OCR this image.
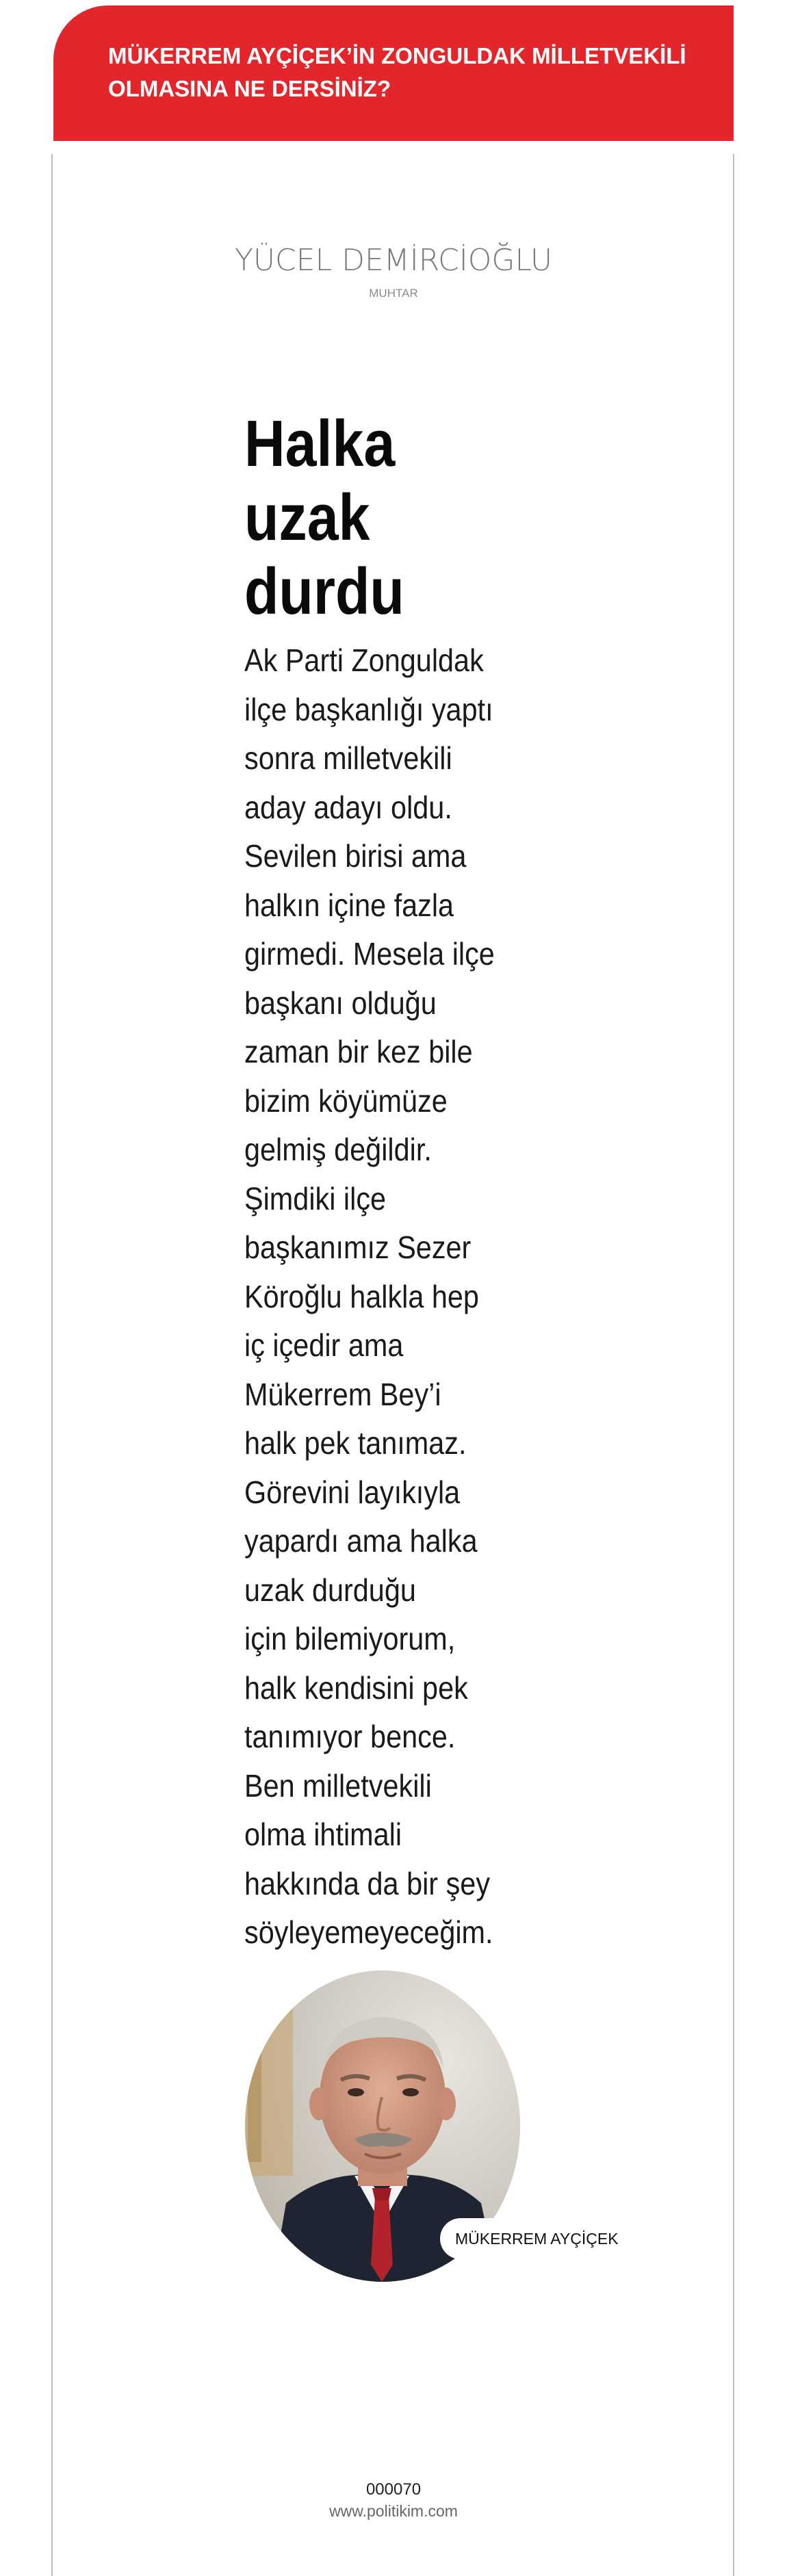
MÜKERREM AYÇİÇEK’İN ZONGULDAK MİLLETVEKİLİ
OLMASINA NE DERSİNİZ?
YÜCEL DEMİRCİOĞLU
MUHTAR
Halka
uzak
durdu
Ak Parti Zonguldak
ilçe başkanlığı yaptı
sonra milletvekili
aday adayı oldu.
Sevilen birisi ama
halkın içine fazla
girmedi. Mesela ilçe
başkanı olduğu
zaman bir kez bile
bizim köyümüze
gelmiş değildir.
Şimdiki ilçe
başkanımız Sezer
Köroğlu halkla hep
iç içedir ama
Mükerrem Bey’i
halk pek tanımaz.
Görevini layıkıyla
yapardı ama halka
uzak durduğu
için bilemiyorum,
halk kendisini pek
tanımıyor bence.
Ben milletvekili
olma ihtimali
hakkında da bir şey
söyleyemeyeceğim.
MÜKERREM AYÇİÇEK
000070
www.politikim.com
